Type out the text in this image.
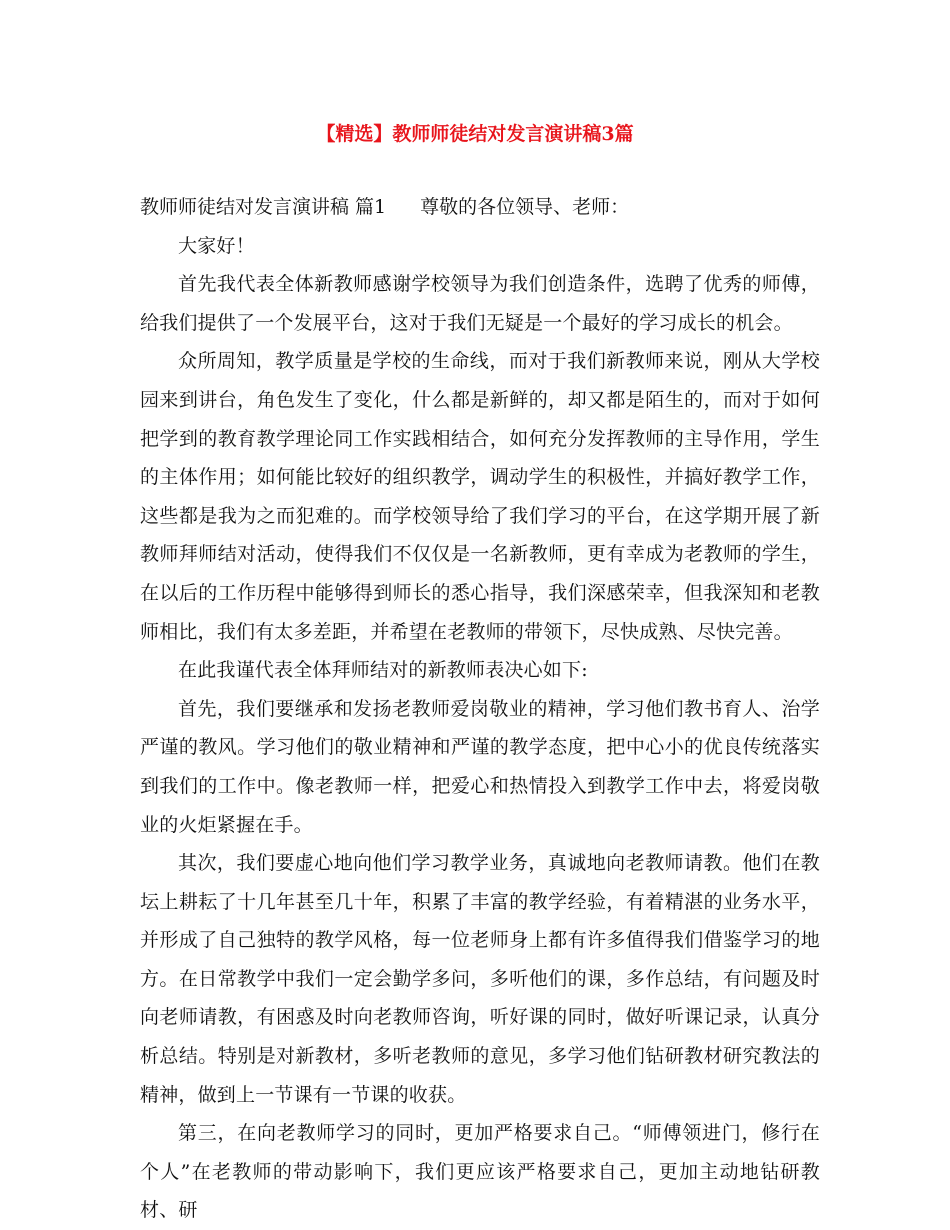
【精选】教师师徒结对发言演讲稿3篇

教师师徒结对发言演讲稿 篇1 尊敬的各位领导、老师：

大家好！

首先我代表全体新教师感谢学校领导为我们创造条件，选聘了优秀的师傅，给我们提供了一个发展平台，这对于我们无疑是一个最好的学习成长的机会。

众所周知，教学质量是学校的生命线，而对于我们新教师来说，刚从大学校园来到讲台，角色发生了变化，什么都是新鲜的，却又都是陌生的，而对于如何把学到的教育教学理论同工作实践相结合，如何充分发挥教师的主导作用，学生的主体作用；如何能比较好的组织教学，调动学生的积极性，并搞好教学工作，这些都是我为之而犯难的。而学校领导给了我们学习的平台，在这学期开展了新教师拜师结对活动，使得我们不仅仅是一名新教师，更有幸成为老教师的学生，在以后的工作历程中能够得到师长的悉心指导，我们深感荣幸，但我深知和老教师相比，我们有太多差距，并希望在老教师的带领下，尽快成熟、尽快完善。

在此我谨代表全体拜师结对的新教师表决心如下:

首先，我们要继承和发扬老教师爱岗敬业的精神，学习他们教书育人、治学严谨的教风。学习他们的敬业精神和严谨的教学态度，把中心小的优良传统落实到我们的工作中。像老教师一样，把爱心和热情投入到教学工作中去，将爱岗敬业的火炬紧握在手。

其次，我们要虚心地向他们学习教学业务，真诚地向老教师请教。他们在教坛上耕耘了十几年甚至几十年，积累了丰富的教学经验，有着精湛的业务水平，并形成了自己独特的教学风格，每一位老师身上都有许多值得我们借鉴学习的地方。在日常教学中我们一定会勤学多问，多听他们的课，多作总结，有问题及时向老师请教，有困惑及时向老教师咨询，听好课的同时，做好听课记录，认真分析总结。特别是对新教材，多听老教师的意见，多学习他们钻研教材研究教法的精神，做到上一节课有一节课的收获。

第三，在向老教师学习的同时，更加严格要求自己。“师傅领进门，修行在个人”在老教师的带动影响下，我们更应该严格要求自己，更加主动地钻研教材、研
